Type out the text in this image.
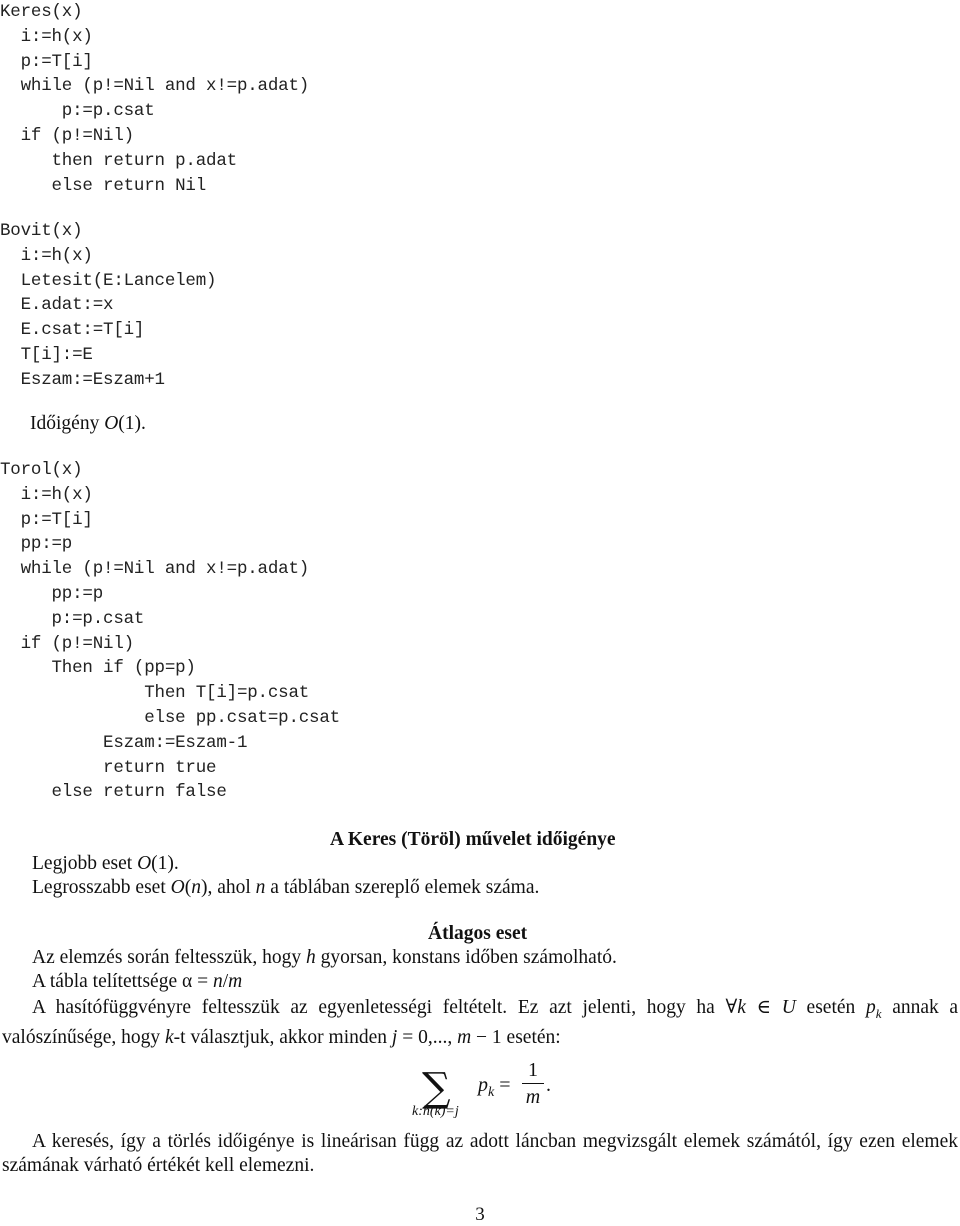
Keres(x)
i:=h(x)
p:=T[i]
while (p!=Nil and x!=p.adat)
p:=p.csat
if (p!=Nil)
then return p.adat
else return Nil
Bovit(x)
i:=h(x)
Letesit(E:Lancelem)
E.adat:=x
E.csat:=T[i]
T[i]:=E
Eszam:=Eszam+1
Időigény O(1).
Torol(x)
i:=h(x)
p:=T[i]
pp:=p
while (p!=Nil and x!=p.adat)
pp:=p
p:=p.csat
if (p!=Nil)
Then if (pp=p)
Then T[i]=p.csat
else pp.csat=p.csat
Eszam:=Eszam-1
return true
else return false
A Keres (Töröl) művelet időigénye
Legjobb eset O(1).
Legrosszabb eset O(n), ahol n a táblában szereplő elemek száma.
Átlagos eset
Az elemzés során feltesszük, hogy h gyorsan, konstans időben számolható.
A tábla telítettsége α = n/m
A hasítófüggvényre feltesszük az egyenletességi feltételt. Ez azt jelenti, hogy ha ∀k ∈ U esetén $p_k$ annak a valószínűsége, hogy k-t választjuk, akkor minden j = 0,..., m − 1 esetén:
∑
k:h(k)=j
$p_k$ =
1
m
.
A keresés, így a törlés időigénye is lineárisan függ az adott láncban megvizsgált elemek számától, így ezen elemek számának várható értékét kell elemezni.
3
